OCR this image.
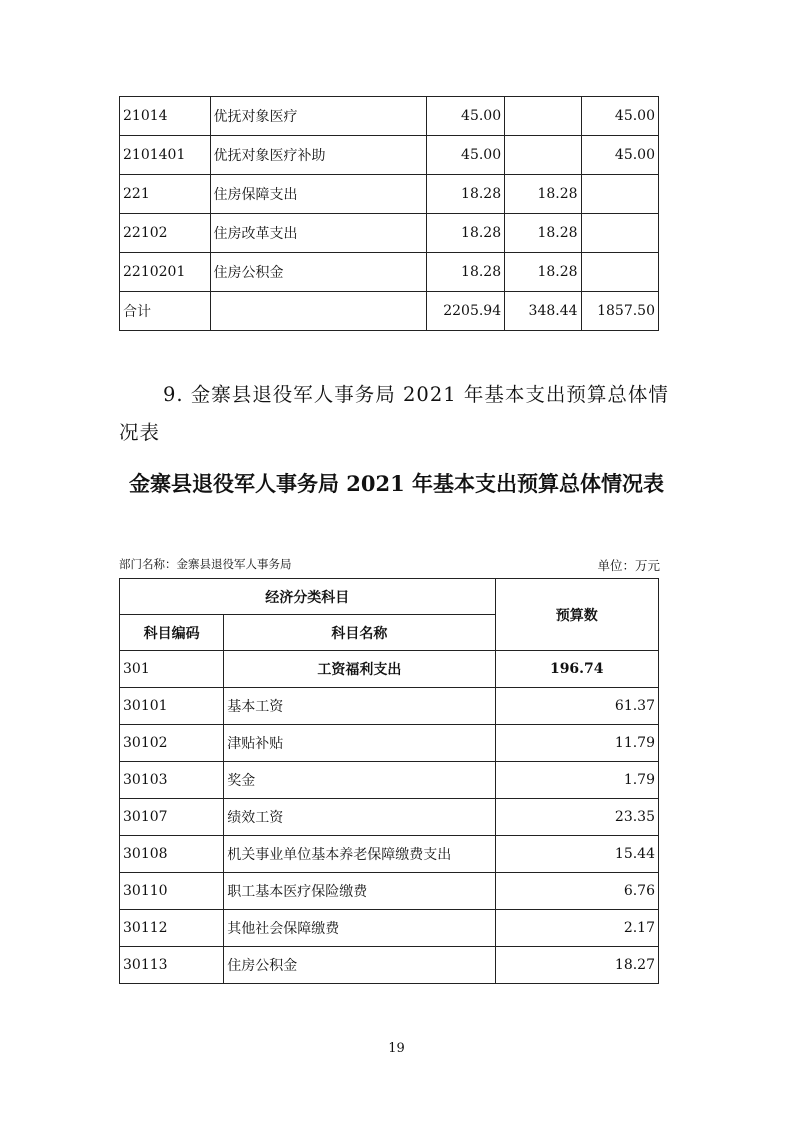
21014	优抚对象医疗	45.00		45.00
2101401	优抚对象医疗补助	45.00		45.00
221	住房保障支出	18.28	18.28	
22102	住房改革支出	18.28	18.28	
2210201	住房公积金	18.28	18.28	
合计		2205.94	348.44	1857.50

9. 金寨县退役军人事务局 2021 年基本支出预算总体情况表

金寨县退役军人事务局 2021 年基本支出预算总体情况表
部门名称：金寨县退役军人事务局	单位：万元
经济分类科目		预算数
科目编码	科目名称	
301	工资福利支出	196.74
30101	基本工资	61.37
30102	津贴补贴	11.79
30103	奖金	1.79
30107	绩效工资	23.35
30108	机关事业单位基本养老保障缴费支出	15.44
30110	职工基本医疗保险缴费	6.76
30112	其他社会保障缴费	2.17
30113	住房公积金	18.27
19
